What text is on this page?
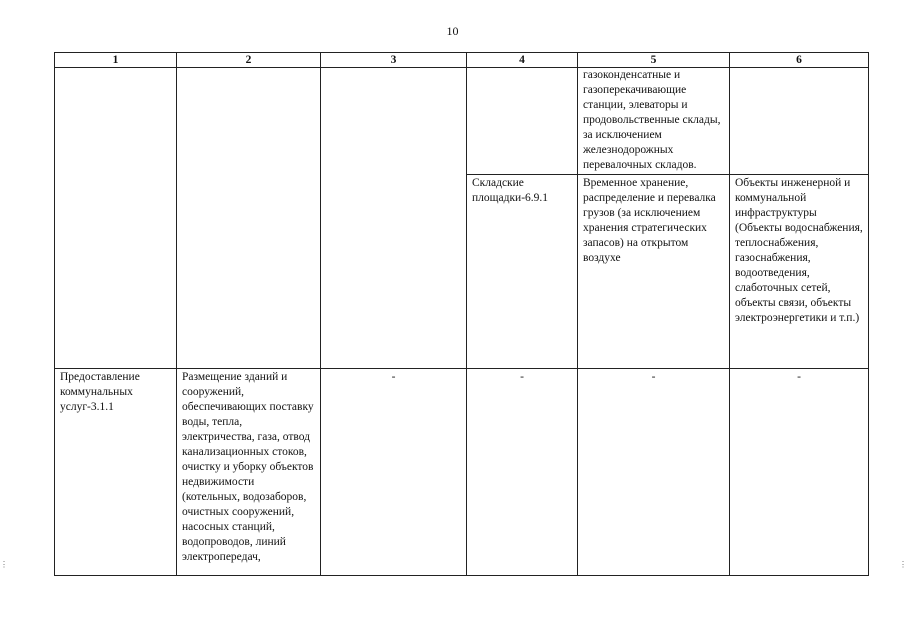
10
1	2	3	4	5	6
				газоконденсатные и газоперекачивающие станции, элеваторы и продовольственные склады, за исключением железнодорожных перевалочных складов.	
			Складские площадки-6.9.1	Временное хранение, распределение и перевалка грузов (за исключением хранения стратегических запасов) на открытом воздухе	Объекты инженерной и коммунальной инфраструктуры (Объекты водоснабжения, теплоснабжения, газоснабжения, водоотведения, слаботочных сетей, объекты связи, объекты электроэнергетики и т.п.)
Предоставление коммунальных услуг-3.1.1	Размещение зданий и сооружений, обеспечивающих поставку воды, тепла, электричества, газа, отвод канализационных стоков, очистку и уборку объектов недвижимости (котельных, водозаборов, очистных сооружений, насосных станций, водопроводов, линий электропередач,	-	-	-	-
⋮	⋮
